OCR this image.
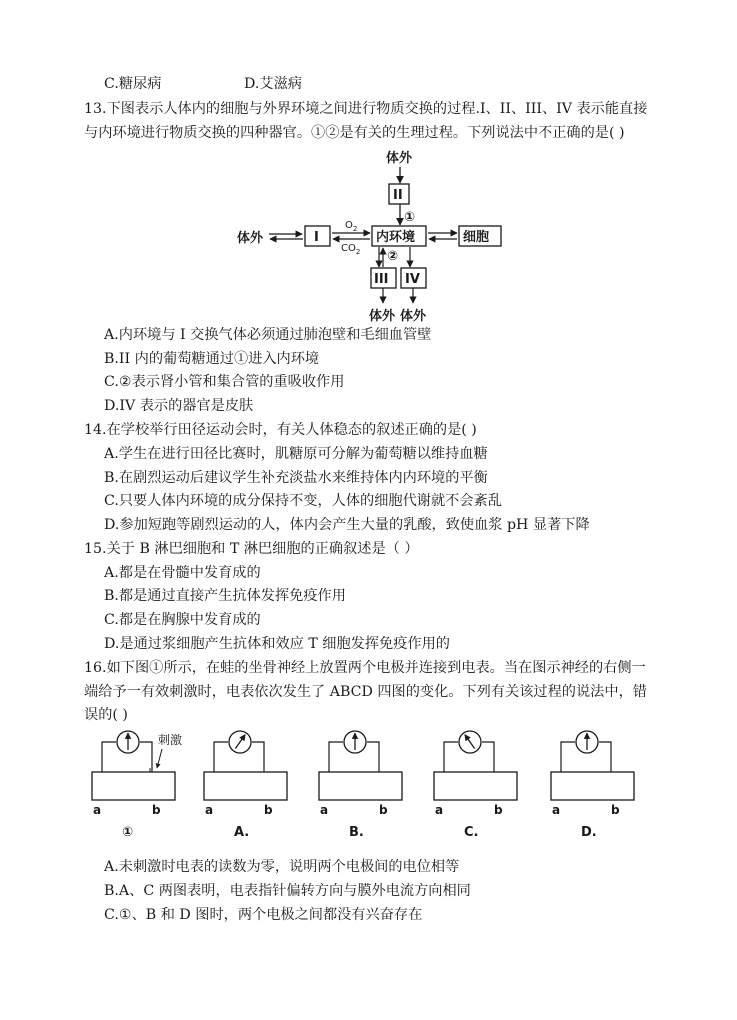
C.糖尿病	D.艾滋病
13.下图表示人体内的细胞与外界环境之间进行物质交换的过程.I、II、III、IV 表示能直接
与内环境进行物质交换的四种器官。①②是有关的生理过程。下列说法中不正确的是( )
体外
II
①
体外	I
$O_2$
$CO_2$
内环境	细胞
②
III IV
体外 体外
A.内环境与 I 交换气体必须通过肺泡壁和毛细血管壁
B.II 内的葡萄糖通过①进入内环境
C.②表示肾小管和集合管的重吸收作用
D.IV 表示的器官是皮肤
14.在学校举行田径运动会时，有关人体稳态的叙述正确的是( )
A.学生在进行田径比赛时，肌糖原可分解为葡萄糖以维持血糖
B.在剧烈运动后建议学生补充淡盐水来维持体内内环境的平衡
C.只要人体内环境的成分保持不变，人体的细胞代谢就不会紊乱
D.参加短跑等剧烈运动的人，体内会产生大量的乳酸，致使血浆 pH 显著下降
15.关于 B 淋巴细胞和 T 淋巴细胞的正确叙述是（ ）
A.都是在骨髓中发育成的
B.都是通过直接产生抗体发挥免疫作用
C.都是在胸腺中发育成的
D.是通过浆细胞产生抗体和效应 T 细胞发挥免疫作用的
16.如下图①所示，在蛙的坐骨神经上放置两个电极并连接到电表。当在图示神经的右侧一
端给予一有效刺激时，电表依次发生了 ABCD 四图的变化。下列有关该过程的说法中，错
误的( )
刺激
a	b
①
a	b
A.
a	b
B.
a	b
C.
a	b
D.
A.未刺激时电表的读数为零，说明两个电极间的电位相等
B.A、C 两图表明，电表指针偏转方向与膜外电流方向相同
C.①、B 和 D 图时，两个电极之间都没有兴奋存在
